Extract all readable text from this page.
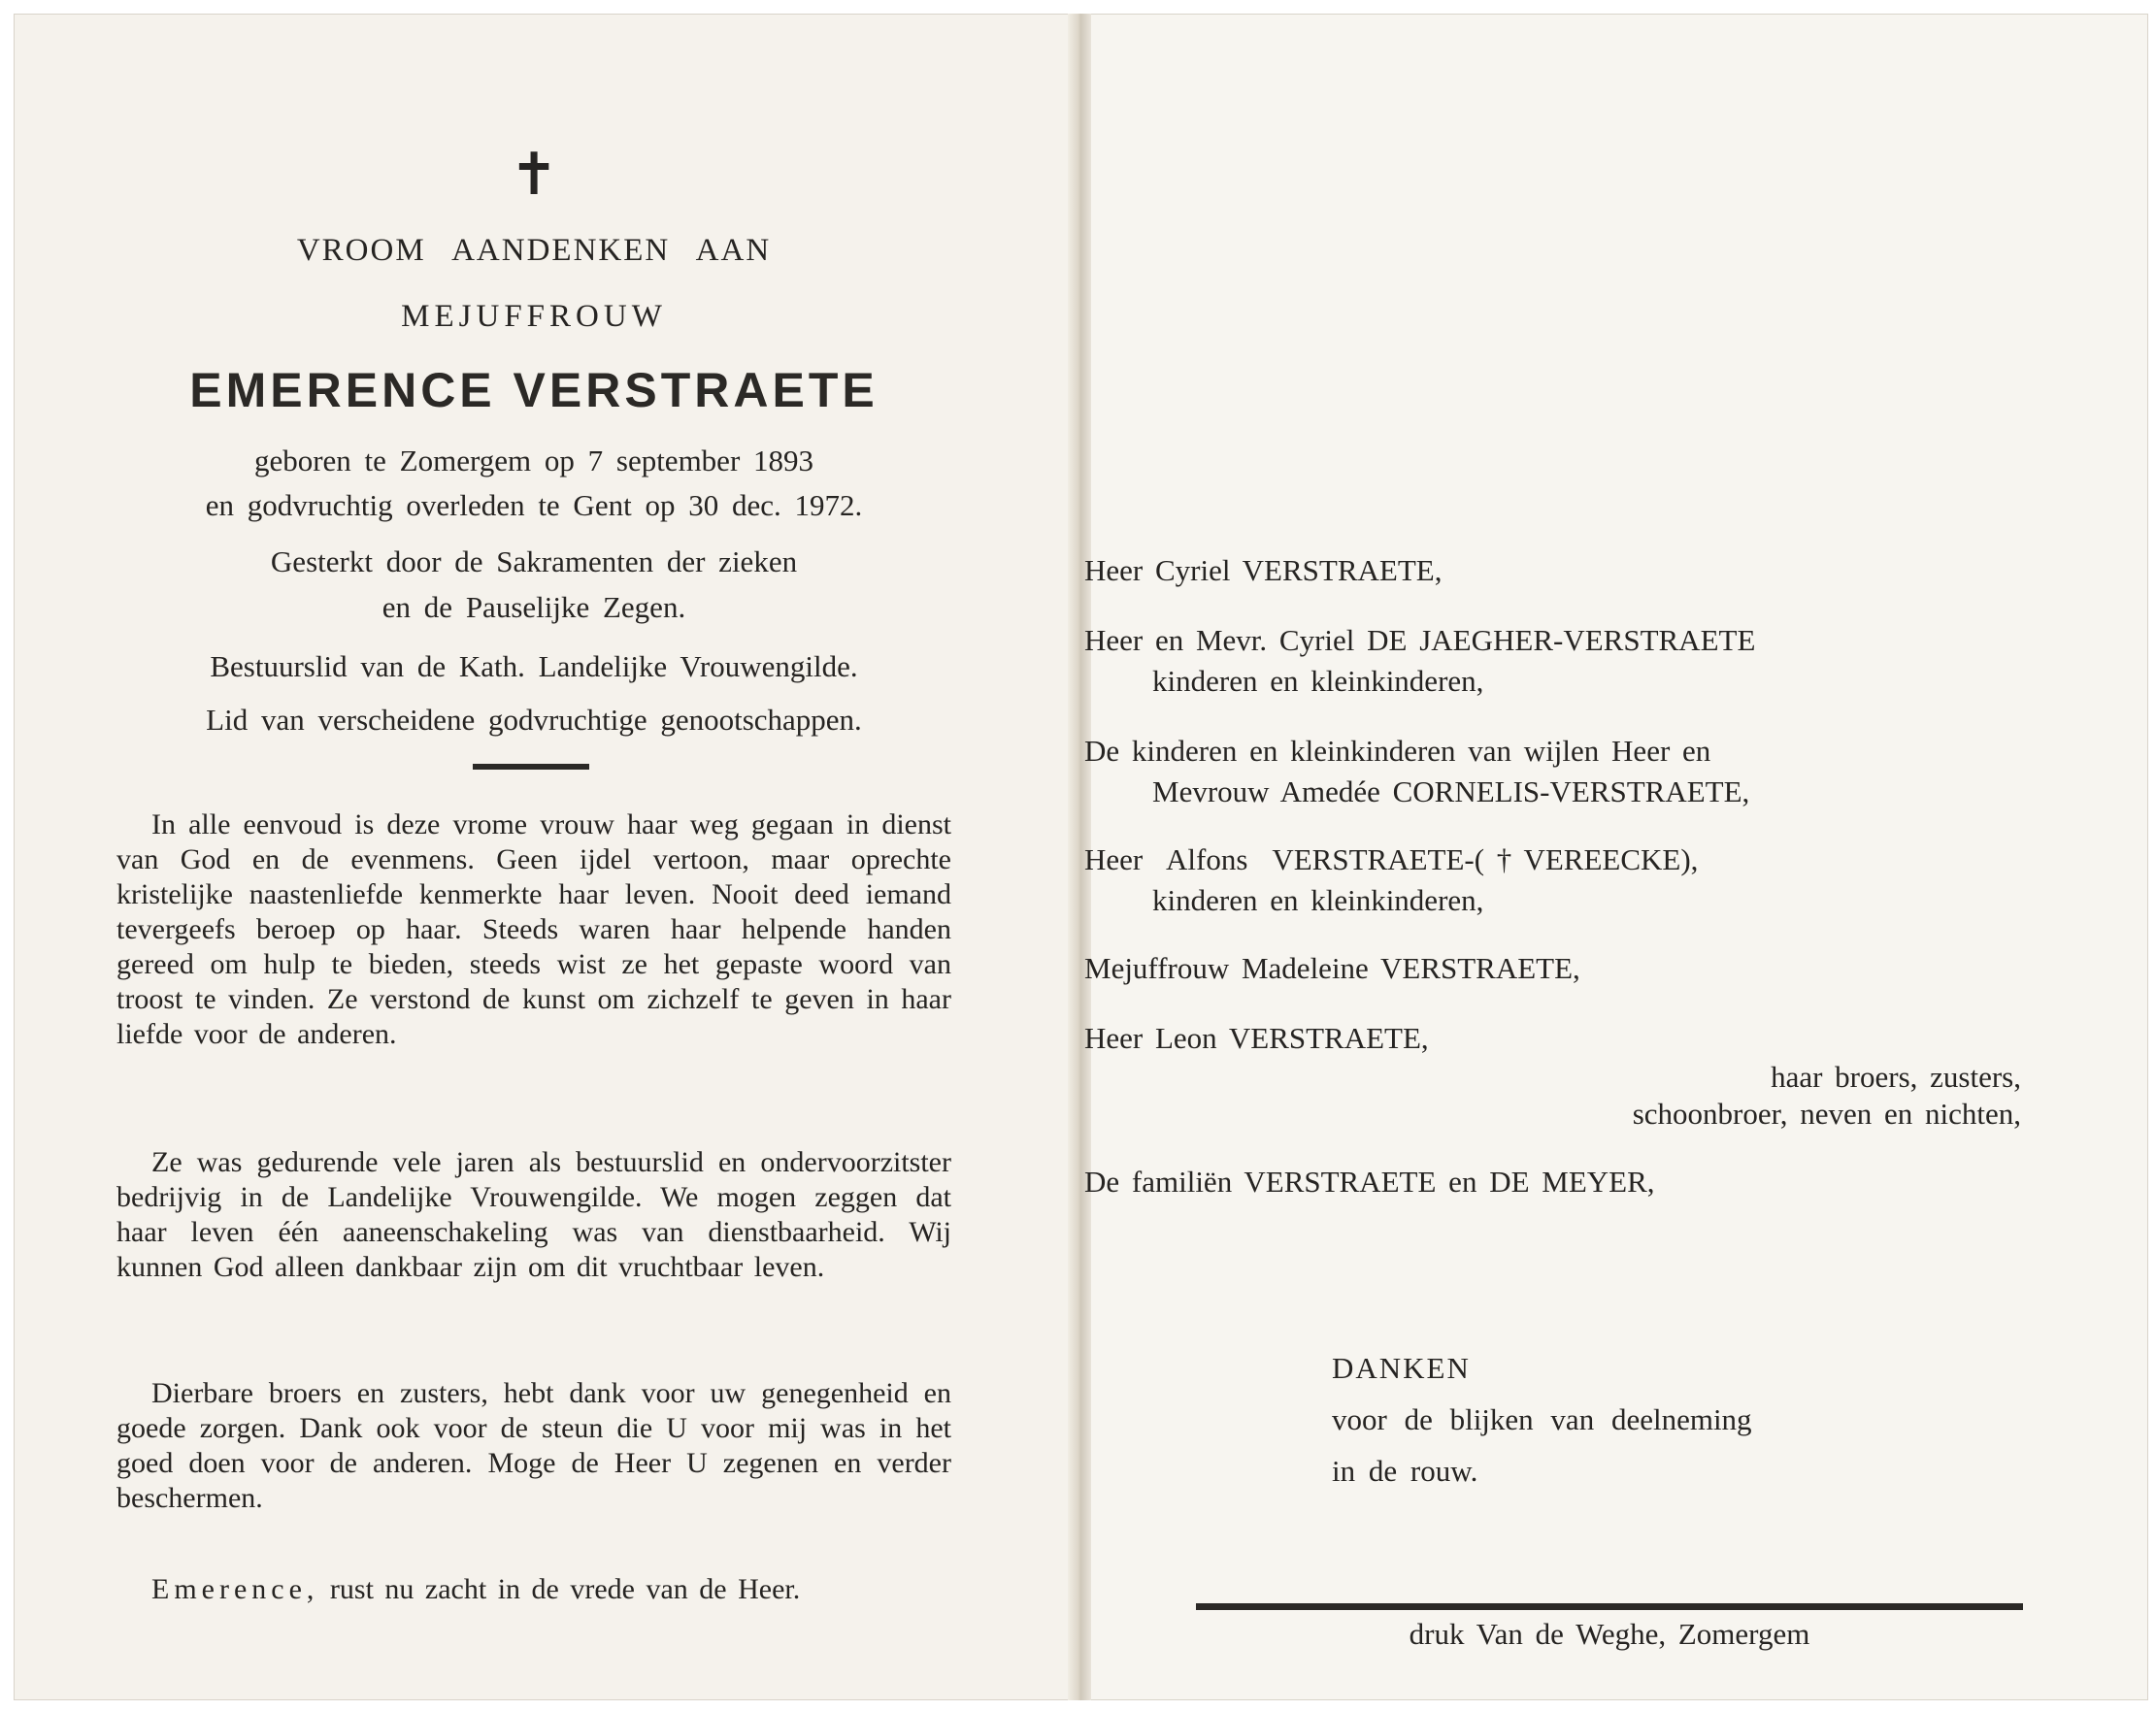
✝
VROOM AANDENKEN AAN
MEJUFFROUW
EMERENCE VERSTRAETE
geboren te Zomergem op 7 september 1893
en godvruchtig overleden te Gent op 30 dec. 1972.
Gesterkt door de Sakramenten der zieken
en de Pauselijke Zegen.
Bestuurslid van de Kath. Landelijke Vrouwengilde.
Lid van verscheidene godvruchtige genootschappen.

In alle eenvoud is deze vrome vrouw haar weg gegaan in dienst van God en de evenmens. Geen ijdel vertoon, maar oprechte kristelijke naastenliefde kenmerkte haar leven. Nooit deed iemand tevergeefs beroep op haar. Steeds waren haar helpende handen gereed om hulp te bieden, steeds wist ze het gepaste woord van troost te vinden. Ze verstond de kunst om zichzelf te geven in haar liefde voor de anderen.

Ze was gedurende vele jaren als bestuurslid en ondervoorzitster bedrijvig in de Landelijke Vrouwengilde. We mogen zeggen dat haar leven één aaneenschakeling was van dienstbaarheid. Wij kunnen God alleen dankbaar zijn om dit vruchtbaar leven.

Dierbare broers en zusters, hebt dank voor uw genegenheid en goede zorgen. Dank ook voor de steun die U voor mij was in het goed doen voor de anderen. Moge de Heer U zegenen en verder beschermen.

Emerence, rust nu zacht in de vrede van de Heer.

Heer Cyriel VERSTRAETE,
Heer en Mevr. Cyriel DE JAEGHER-VERSTRAETE
kinderen en kleinkinderen,
De kinderen en kleinkinderen van wijlen Heer en
Mevrouw Amedée CORNELIS-VERSTRAETE,
Heer  Alfons  VERSTRAETE-( † VEREECKE),
kinderen en kleinkinderen,
Mejuffrouw Madeleine VERSTRAETE,
Heer Leon VERSTRAETE,
haar broers, zusters,
schoonbroer, neven en nichten,
De familiën VERSTRAETE en DE MEYER,
DANKEN
voor de blijken van deelneming
in de rouw.
druk Van de Weghe, Zomergem
